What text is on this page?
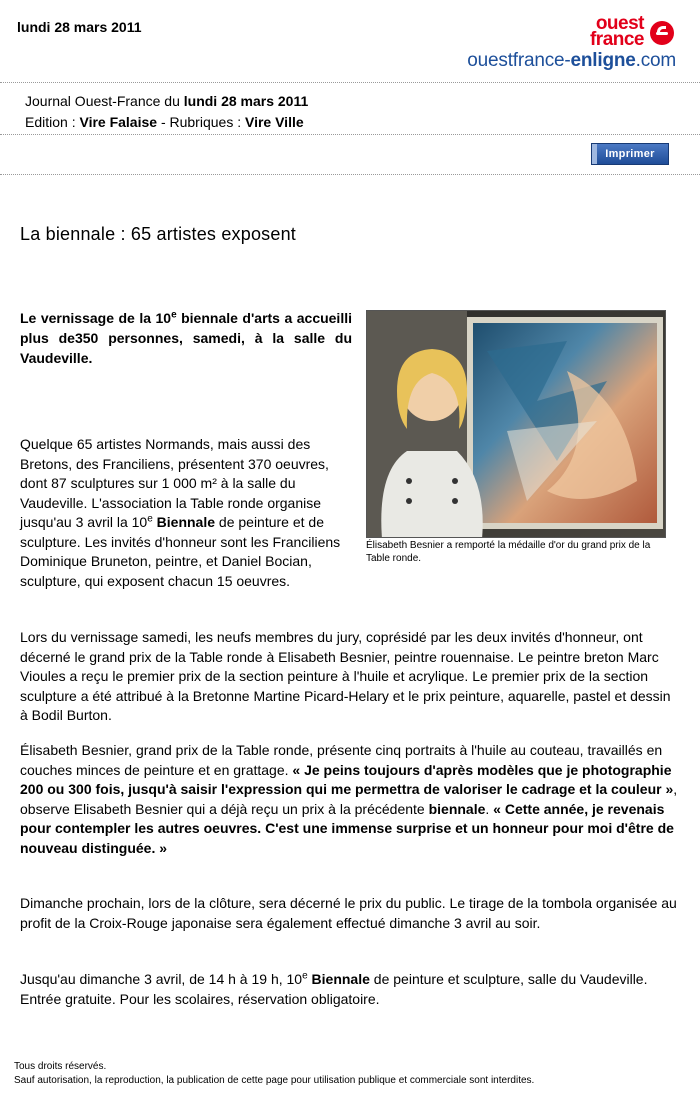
lundi 28 mars 2011	ouest
france
ouestfrance-enligne.com
Journal Ouest-France du lundi 28 mars 2011
Edition : Vire Falaise - Rubriques : Vire Ville
Imprimer
La biennale : 65 artistes exposent
Le vernissage de la 10e biennale d'arts a accueilli plus de350 personnes, samedi, à la salle du Vaudeville.
Élisabeth Besnier a remporté la médaille d'or du grand prix de la Table ronde.
Quelque 65 artistes Normands, mais aussi des Bretons, des Franciliens, présentent 370 oeuvres, dont 87 sculptures sur 1 000 m² à la salle du Vaudeville. L'association la Table ronde organise jusqu'au 3 avril la 10e Biennale de peinture et de sculpture. Les invités d'honneur sont les Franciliens Dominique Bruneton, peintre, et Daniel Bocian, sculpture, qui exposent chacun 15 oeuvres.
Lors du vernissage samedi, les neufs membres du jury, coprésidé par les deux invités d'honneur, ont décerné le grand prix de la Table ronde à Elisabeth Besnier, peintre rouennaise. Le peintre breton Marc Vioules a reçu le premier prix de la section peinture à l'huile et acrylique. Le premier prix de la section sculpture a été attribué à la Bretonne Martine Picard-Helary et le prix peinture, aquarelle, pastel et dessin à Bodil Burton.
Élisabeth Besnier, grand prix de la Table ronde, présente cinq portraits à l'huile au couteau, travaillés en couches minces de peinture et en grattage. « Je peins toujours d'après modèles que je photographie 200 ou 300 fois, jusqu'à saisir l'expression qui me permettra de valoriser le cadrage et la couleur », observe Elisabeth Besnier qui a déjà reçu un prix à la précédente biennale. « Cette année, je revenais pour contempler les autres oeuvres. C'est une immense surprise et un honneur pour moi d'être de nouveau distinguée. »
Dimanche prochain, lors de la clôture, sera décerné le prix du public. Le tirage de la tombola organisée au profit de la Croix-Rouge japonaise sera également effectué dimanche 3 avril au soir.
Jusqu'au dimanche 3 avril, de 14 h à 19 h, 10e Biennale de peinture et sculpture, salle du Vaudeville. Entrée gratuite. Pour les scolaires, réservation obligatoire.
Tous droits réservés.
Sauf autorisation, la reproduction, la publication de cette page pour utilisation publique et commerciale sont interdites.
